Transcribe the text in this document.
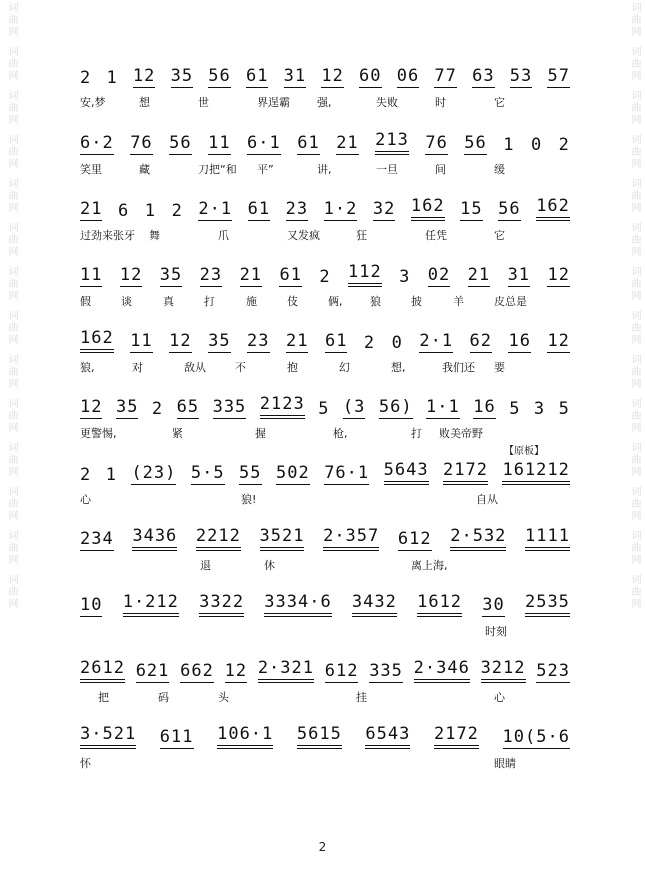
词曲网
词曲网
词曲网
词曲网
词曲网
词曲网
词曲网
词曲网
词曲网
词曲网
词曲网
词曲网
词曲网
词曲网
词曲网
词曲网
词曲网
词曲网
词曲网
词曲网
词曲网
词曲网
词曲网
词曲网
词曲网
词曲网
词曲网
词曲网
2 1 12 35 56 61 31 12 60 06 77 63 53 57
安,梦	想	世	界逞霸 强,	失败	时	它
6·2 76 56 11 6·1 61 21 213 76 56 1 0 2
笑里	藏	刀把“和 平”	讲,	一旦	间	缓
21 6 1 2 2·1 61 23 1·2 32 162 15 56 162
过劲来张牙 舞	爪	又发疯	狂	任凭	它
11 12 35 23 21 61 2 112 3 02 21 31 12
假	谈	真	打	施	伎	俩,	狼	披	羊	皮总是
162 11 12 35 23 21 61 2 0 2·1 62 16 12
狼,	对	敌从	不	抱	幻	想,	我们还 要
12 35 2 65 335 2123 5 (3 56) 1·1 16 5 3 5
更警惕,	紧	握	枪,	打 败美帝野
2 1 (23) 5·5 55 502 76·1 5643 2172 161212
心	狼!	自从
【原板】
234 3436 2212 3521 2·357 612 2·532 1111
退	休	离上海,
10 1·212 3322 3334·6 3432 1612 30 2535
时刻
2612 621 662 12 2·321 612 335 2·346 3212 523
把	码	头	挂	心
3·521 611 106·1 5615 6543 2172 10(5·6
怀	眼睛
2
